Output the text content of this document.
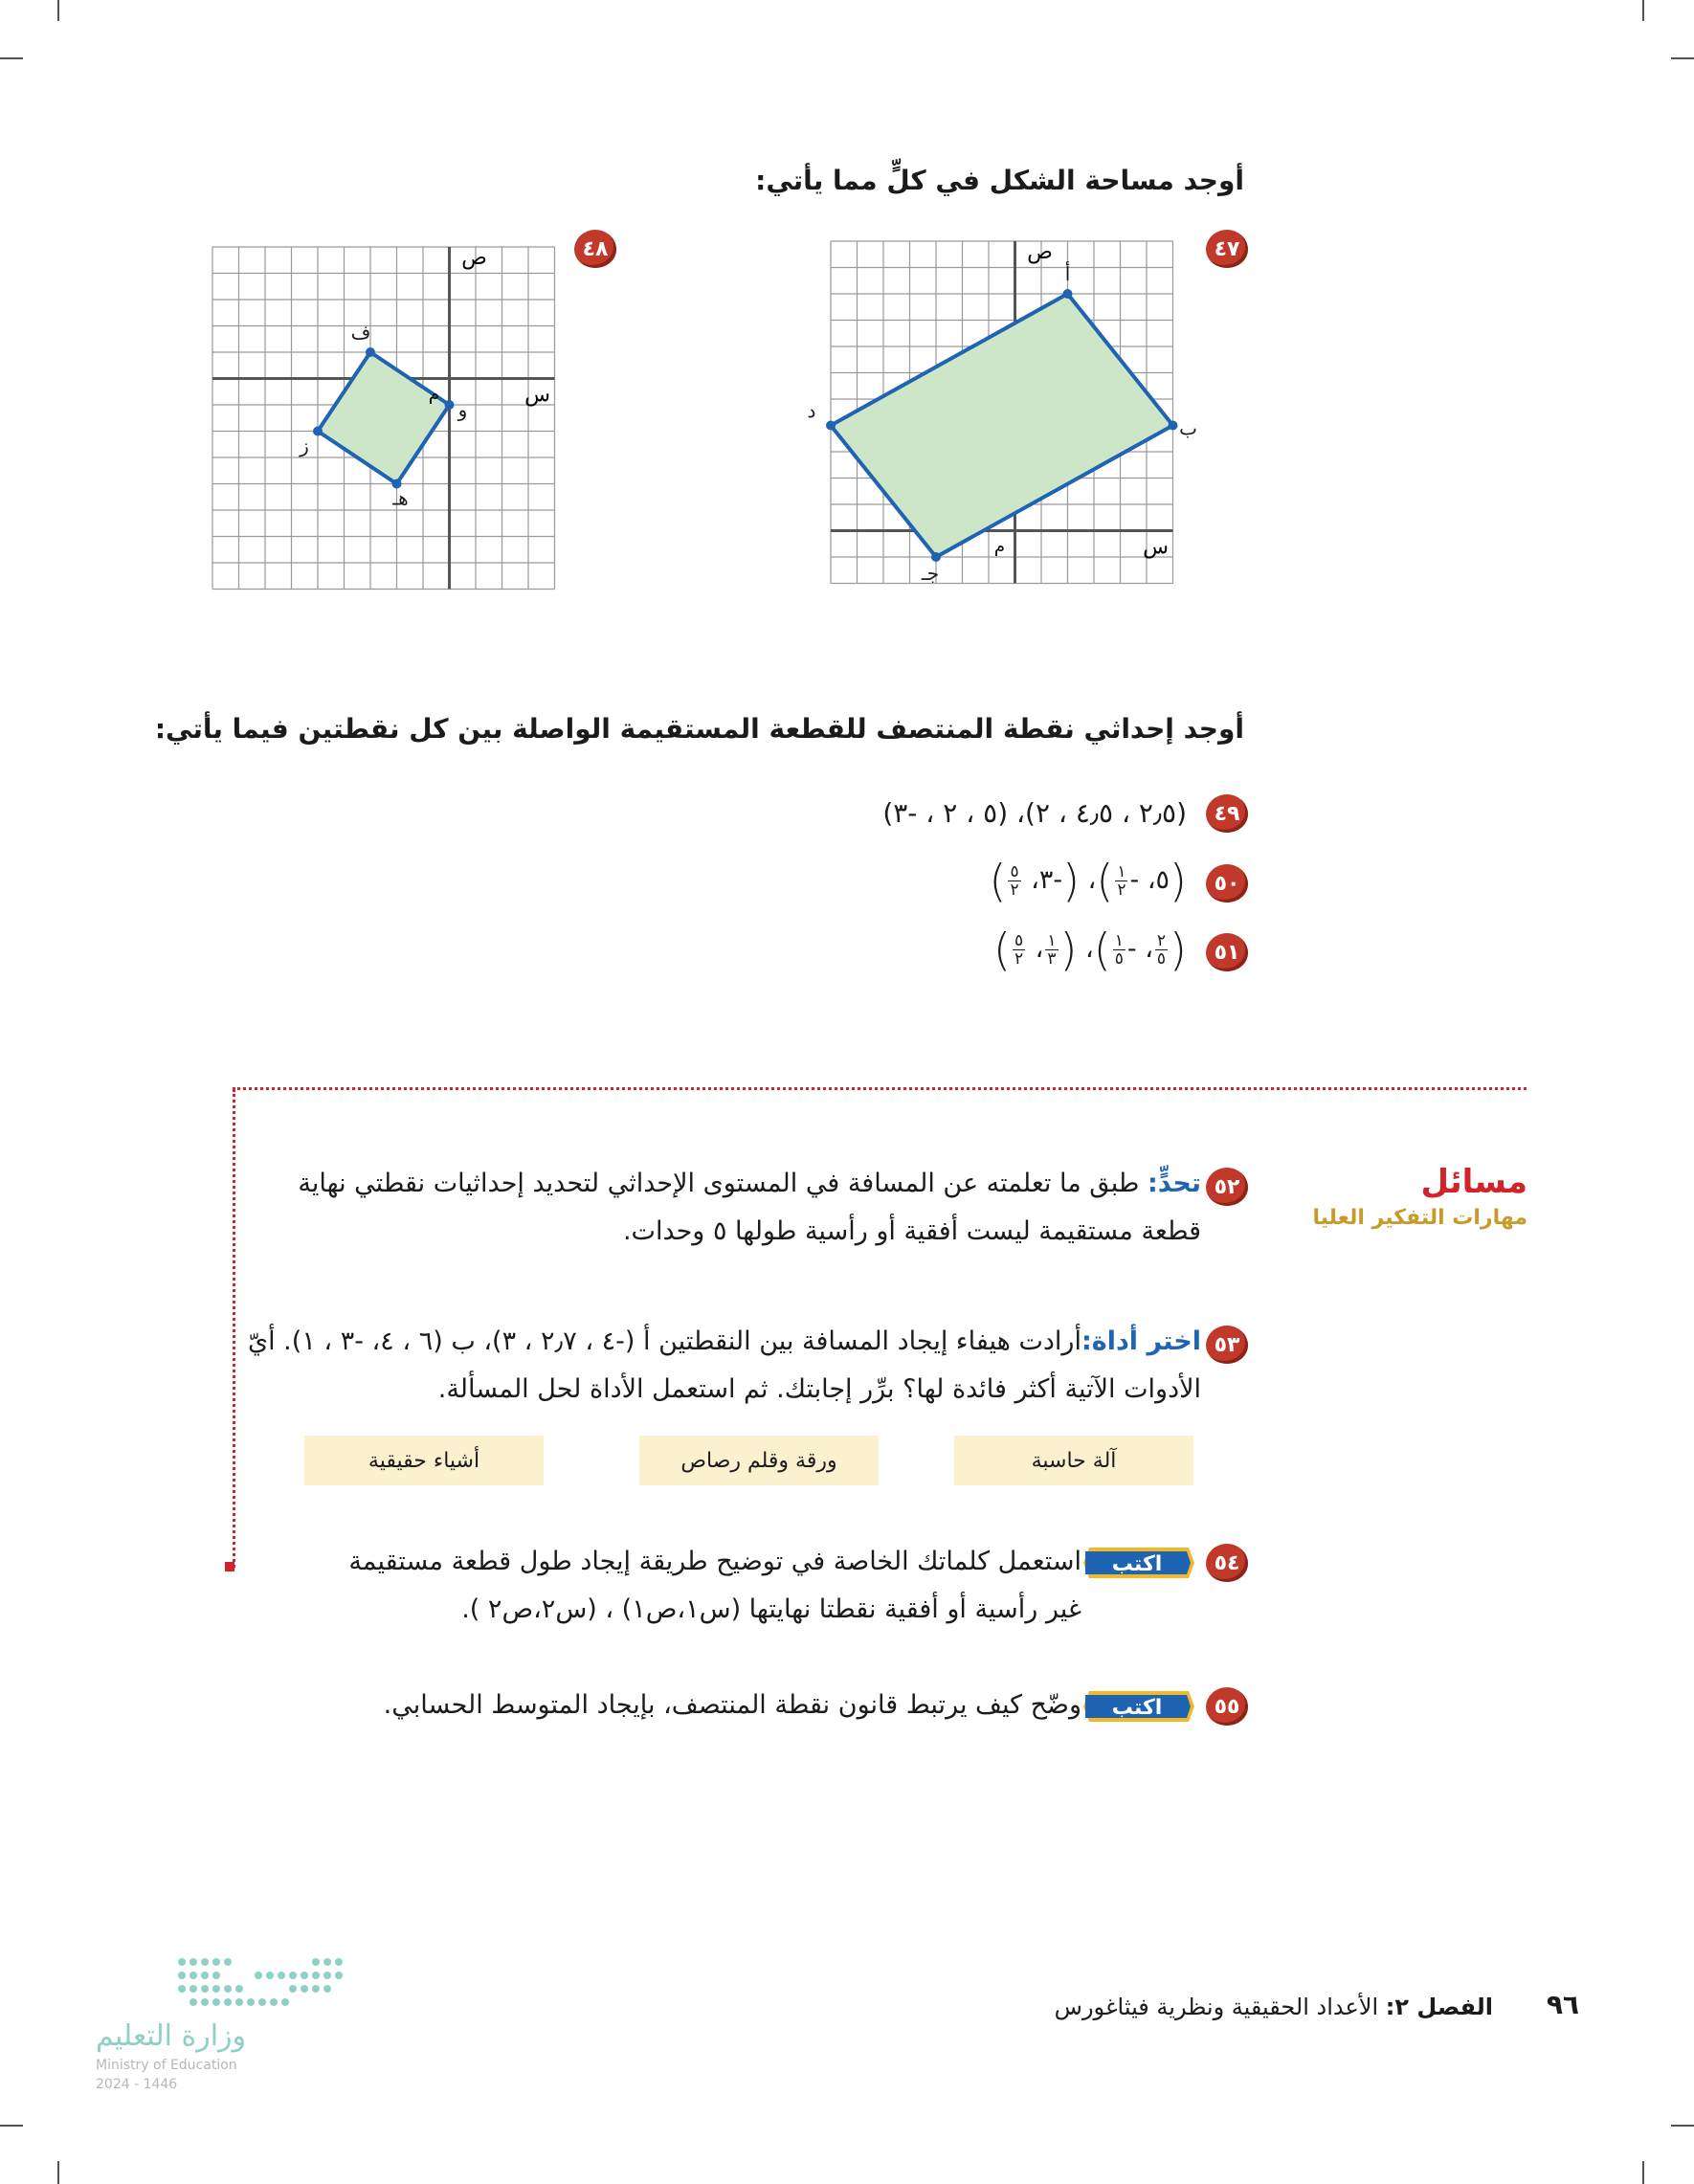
أوجد مساحة الشكل في كلٍّ مما يأتي:
٤٧
أ
ب
جـ
د
س
ص
م
٤٨
ف
و
هـ
ز
س
ص
م
أوجد إحداثي نقطة المنتصف للقطعة المستقيمة الواصلة بين كل نقطتين فيما يأتي:
٤٩
(٢٫٥ ، ٤٫٥ ، ٢)، (٥ ، ٢ ، -٣)
٥٠
(٥، -
$\frac{١}{٢}$
)، (-٣،
$\frac{٥}{٢}$
)
٥١
(
$\frac{٢}{٥}$
، -
$\frac{١}{٥}$
)، (
$\frac{١}{٣}$
،
$\frac{٥}{٢}$
)
مسائل
مهارات التفكير العليا
٥٢
تحدٍّ: طبق ما تعلمته عن المسافة في المستوى الإحداثي لتحديد إحداثيات نقطتي نهاية
قطعة مستقيمة ليست أفقية أو رأسية طولها ٥ وحدات.
٥٣
اختر أداة:أرادت هيفاء إيجاد المسافة بين النقطتين أ (-٤ ، ٢٫٧ ، ٣)، ب (٦ ، ٤، -٣ ، ١). أيّ
الأدوات الآتية أكثر فائدة لها؟ برِّر إجابتك. ثم استعمل الأداة لحل المسألة.
آلة حاسبة
ورقة وقلم رصاص
أشياء حقيقية
٥٤
اكتب
استعمل كلماتك الخاصة في توضيح طريقة إيجاد طول قطعة مستقيمة
غير رأسية أو أفقية نقطتا نهايتها (س١،ص١) ، (س٢،ص٢ ).
٥٥
اكتب
وضّح كيف يرتبط قانون نقطة المنتصف، بإيجاد المتوسط الحسابي.
وزارة التعليم
Ministry of Education
2024 - 1446
٩٦
الفصل ٢: الأعداد الحقيقية ونظرية فيثاغورس
